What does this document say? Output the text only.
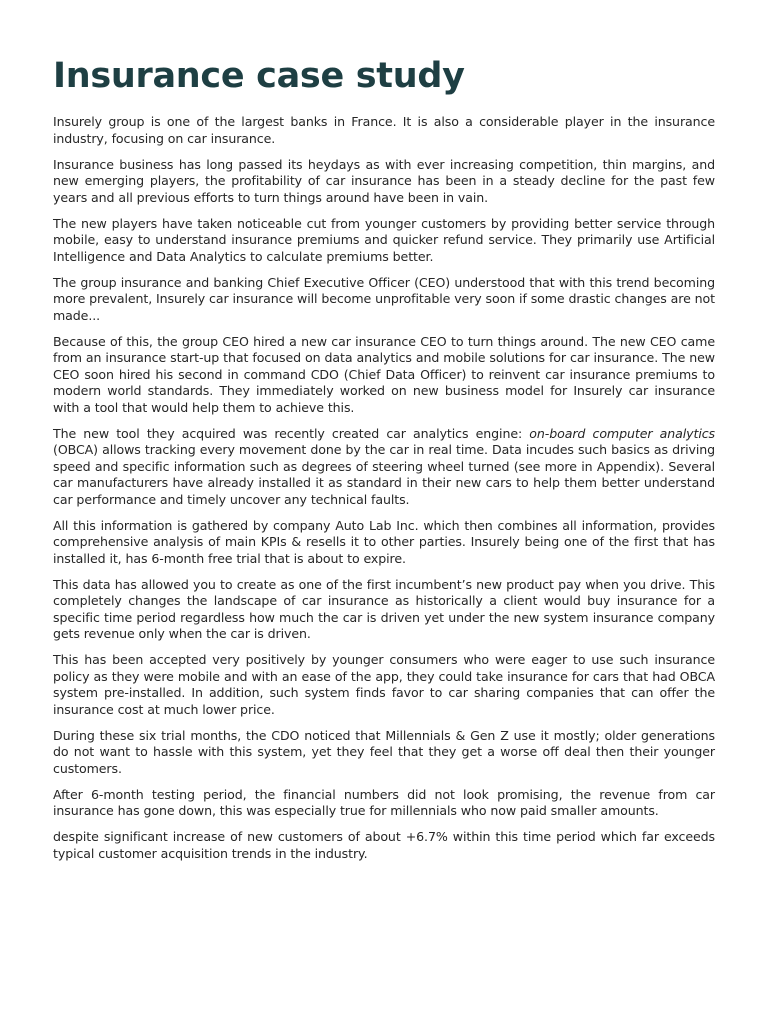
Insurance case study

Insurely group is one of the largest banks in France. It is also a considerable player in the insurance industry, focusing on car insurance.

Insurance business has long passed its heydays as with ever increasing competition, thin margins, and new emerging players, the profitability of car insurance has been in a steady decline for the past few years and all previous efforts to turn things around have been in vain.

The new players have taken noticeable cut from younger customers by providing better service through mobile, easy to understand insurance premiums and quicker refund service. They primarily use Artificial Intelligence and Data Analytics to calculate premiums better.

The group insurance and banking Chief Executive Officer (CEO) understood that with this trend becoming more prevalent, Insurely car insurance will become unprofitable very soon if some drastic changes are not made...

Because of this, the group CEO hired a new car insurance CEO to turn things around. The new CEO came from an insurance start-up that focused on data analytics and mobile solutions for car insurance. The new CEO soon hired his second in command CDO (Chief Data Officer) to reinvent car insurance premiums to modern world standards. They immediately worked on new business model for Insurely car insurance with a tool that would help them to achieve this.

The new tool they acquired was recently created car analytics engine: on-board computer analytics (OBCA) allows tracking every movement done by the car in real time. Data incudes such basics as driving speed and specific information such as degrees of steering wheel turned (see more in Appendix). Several car manufacturers have already installed it as standard in their new cars to help them better understand car performance and timely uncover any technical faults.

All this information is gathered by company Auto Lab Inc. which then combines all information, provides comprehensive analysis of main KPIs & resells it to other parties. Insurely being one of the first that has installed it, has 6-month free trial that is about to expire.

This data has allowed you to create as one of the first incumbent’s new product pay when you drive. This completely changes the landscape of car insurance as historically a client would buy insurance for a specific time period regardless how much the car is driven yet under the new system insurance company gets revenue only when the car is driven.

This has been accepted very positively by younger consumers who were eager to use such insurance policy as they were mobile and with an ease of the app, they could take insurance for cars that had OBCA system pre-installed. In addition, such system finds favor to car sharing companies that can offer the insurance cost at much lower price.

During these six trial months, the CDO noticed that Millennials & Gen Z use it mostly; older generations do not want to hassle with this system, yet they feel that they get a worse off deal then their younger customers.

After 6-month testing period, the financial numbers did not look promising, the revenue from car insurance has gone down, this was especially true for millennials who now paid smaller amounts.

despite significant increase of new customers of about +6.7% within this time period which far exceeds typical customer acquisition trends in the industry.
